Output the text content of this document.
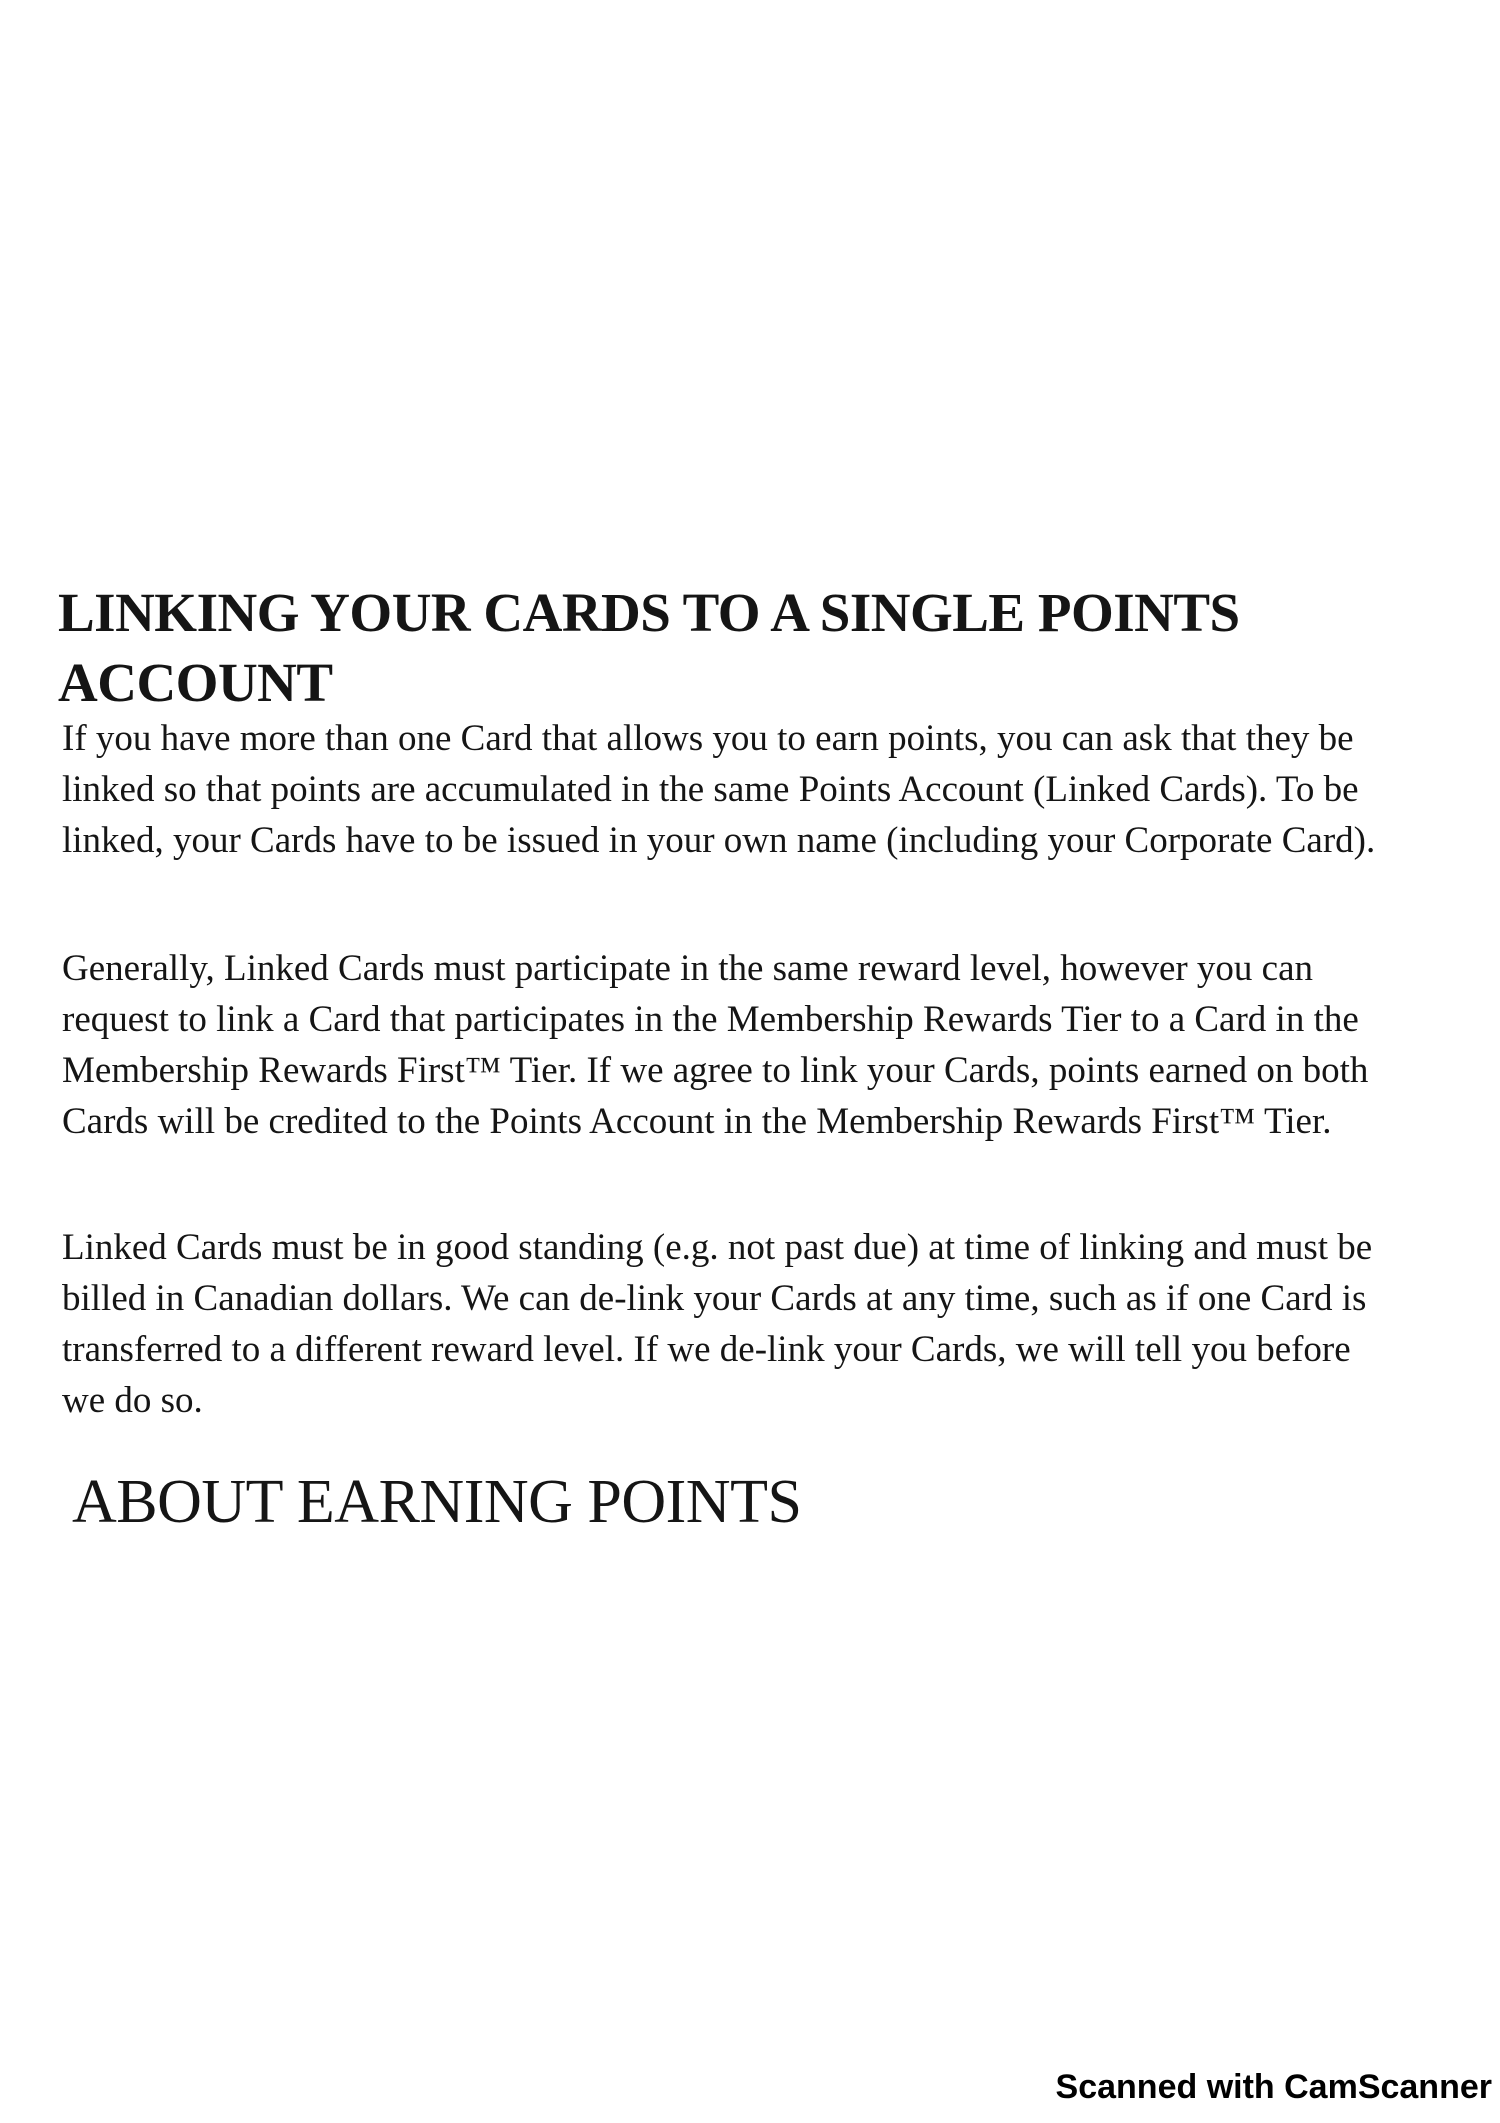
LINKING YOUR CARDS TO A SINGLE POINTS ACCOUNT

If you have more than one Card that allows you to earn points, you can ask that they be linked so that points are accumulated in the same Points Account (Linked Cards). To be linked, your Cards have to be issued in your own name (including your Corporate Card).

Generally, Linked Cards must participate in the same reward level, however you can request to link a Card that participates in the Membership Rewards Tier to a Card in the Membership Rewards First™ Tier. If we agree to link your Cards, points earned on both Cards will be credited to the Points Account in the Membership Rewards First™ Tier.

Linked Cards must be in good standing (e.g. not past due) at time of linking and must be billed in Canadian dollars. We can de-link your Cards at any time, such as if one Card is transferred to a different reward level. If we de-link your Cards, we will tell you before we do so.

ABOUT EARNING POINTS
Scanned with CamScanner
